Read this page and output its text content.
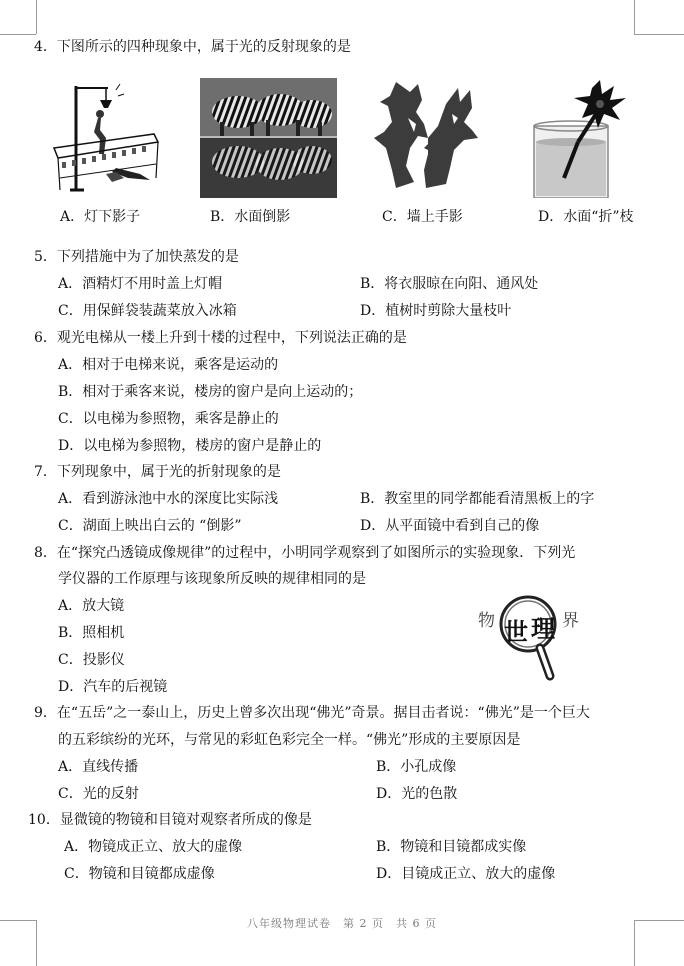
4．下图所示的四种现象中，属于光的反射现象的是
A．灯下影子	B．水面倒影	C．墙上手影	D．水面“折”枝
5．下列措施中为了加快蒸发的是
A．酒精灯不用时盖上灯帽	B．将衣服晾在向阳、通风处
C．用保鲜袋装蔬菜放入冰箱	D．植树时剪除大量枝叶
6．观光电梯从一楼上升到十楼的过程中，下列说法正确的是
A．相对于电梯来说，乘客是运动的
B．相对于乘客来说，楼房的窗户是向上运动的；
C．以电梯为参照物，乘客是静止的
D．以电梯为参照物，楼房的窗户是静止的
7．下列现象中，属于光的折射现象的是
A．看到游泳池中水的深度比实际浅	B．教室里的同学都能看清黑板上的字
C．湖面上映出白云的 “倒影”	D．从平面镜中看到自己的像
8．在“探究凸透镜成像规律”的过程中，小明同学观察到了如图所示的实验现象．下列光
学仪器的工作原理与该现象所反映的规律相同的是
A．放大镜
B．照相机
C．投影仪
D．汽车的后视镜
物 世 理 界
9．在“五岳”之一泰山上，历史上曾多次出现“佛光”奇景。据目击者说：“佛光”是一个巨大
的五彩缤纷的光环，与常见的彩虹色彩完全一样。“佛光”形成的主要原因是
A．直线传播	B．小孔成像
C．光的反射	D．光的色散
10．显微镜的物镜和目镜对观察者所成的像是
A．物镜成正立、放大的虚像	B．物镜和目镜都成实像
C．物镜和目镜都成虚像	D．目镜成正立、放大的虚像
八年级物理试卷　第 2 页　共 6 页
